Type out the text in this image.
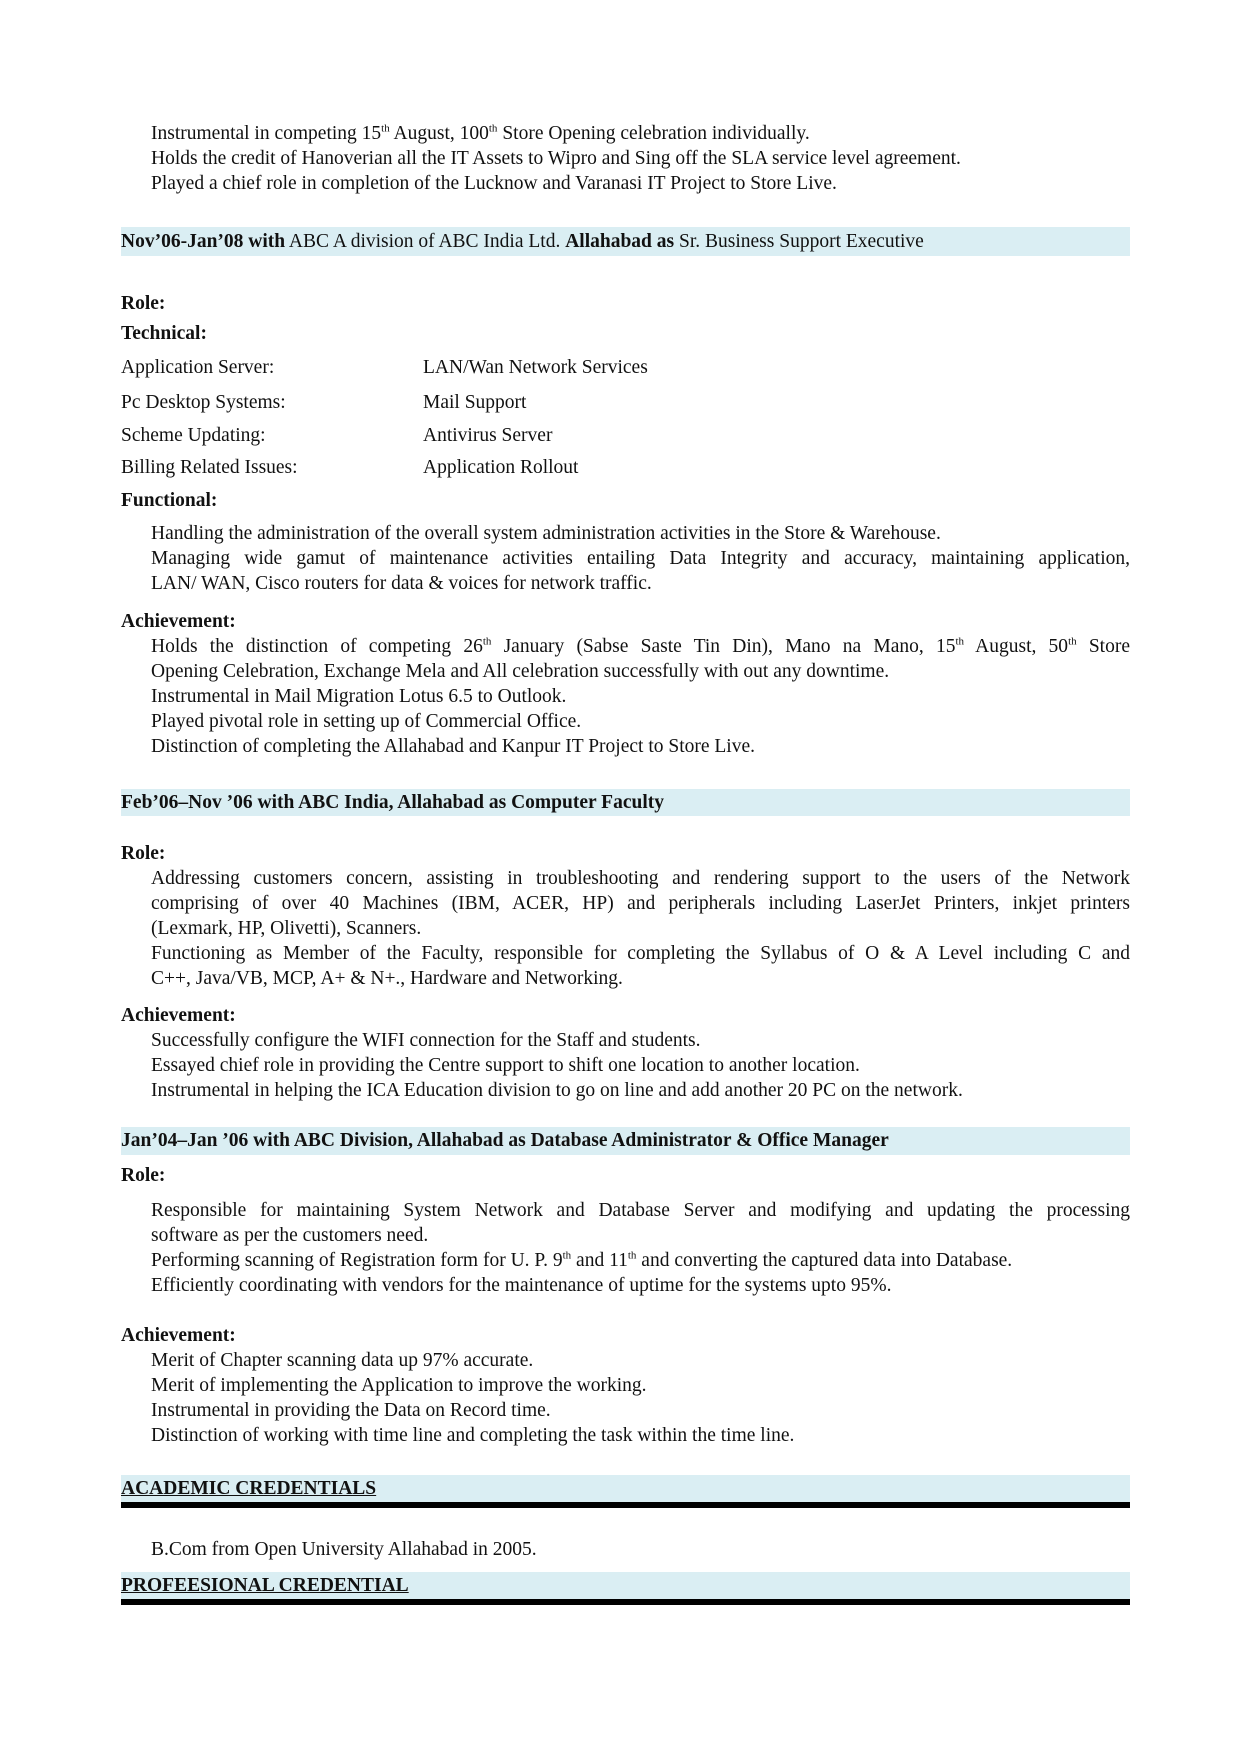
Instrumental in competing 15th August, 100th Store Opening celebration individually.
Holds the credit of Hanoverian all the IT Assets to Wipro and Sing off the SLA service level agreement.
Played a chief role in completion of the Lucknow and Varanasi IT Project to Store Live.
Nov’06-Jan’08 with ABC A division of ABC India Ltd. Allahabad as Sr. Business Support Executive
Role:
Technical:
Application Server:	LAN/Wan Network Services
Pc Desktop Systems:	Mail Support
Scheme Updating:	Antivirus Server
Billing Related Issues:	Application Rollout
Functional:
Handling the administration of the overall system administration activities in the Store & Warehouse.
Managing wide gamut of maintenance activities entailing Data Integrity and accuracy, maintaining application,
LAN/ WAN, Cisco routers for data & voices for network traffic.
Achievement:
Holds the distinction of competing 26th January (Sabse Saste Tin Din), Mano na Mano, 15th August, 50th Store
Opening Celebration, Exchange Mela and All celebration successfully with out any downtime.
Instrumental in Mail Migration Lotus 6.5 to Outlook.
Played pivotal role in setting up of Commercial Office.
Distinction of completing the Allahabad and Kanpur IT Project to Store Live.
Feb’06–Nov ’06 with ABC India, Allahabad as Computer Faculty
Role:
Addressing customers concern, assisting in troubleshooting and rendering support to the users of the Network
comprising of over 40 Machines (IBM, ACER, HP) and peripherals including LaserJet Printers, inkjet printers
(Lexmark, HP, Olivetti), Scanners.
Functioning as Member of the Faculty, responsible for completing the Syllabus of O & A Level including C and
C++, Java/VB, MCP, A+ & N+., Hardware and Networking.
Achievement:
Successfully configure the WIFI connection for the Staff and students.
Essayed chief role in providing the Centre support to shift one location to another location.
Instrumental in helping the ICA Education division to go on line and add another 20 PC on the network.
Jan’04–Jan ’06 with ABC Division, Allahabad as Database Administrator & Office Manager
Role:
Responsible for maintaining System Network and Database Server and modifying and updating the processing
software as per the customers need.
Performing scanning of Registration form for U. P. 9th and 11th and converting the captured data into Database.
Efficiently coordinating with vendors for the maintenance of uptime for the systems upto 95%.
Achievement:
Merit of Chapter scanning data up 97% accurate.
Merit of implementing the Application to improve the working.
Instrumental in providing the Data on Record time.
Distinction of working with time line and completing the task within the time line.
ACADEMIC CREDENTIALS
B.Com from Open University Allahabad in 2005.
PROFEESIONAL CREDENTIAL
